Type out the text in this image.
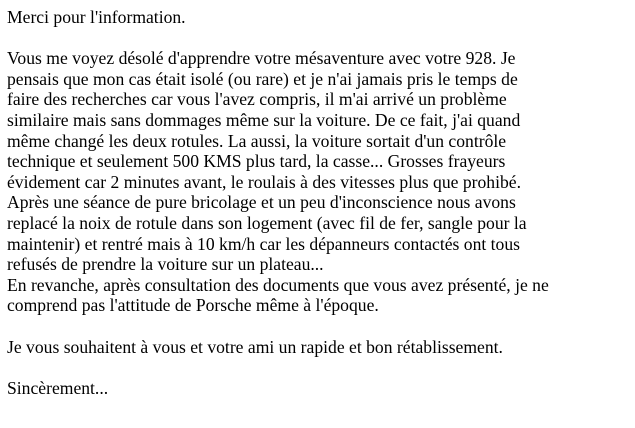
Merci pour l'information.
Vous me voyez désolé d'apprendre votre mésaventure avec votre 928. Je
pensais que mon cas était isolé (ou rare) et je n'ai jamais pris le temps de
faire des recherches car vous l'avez compris, il m'ai arrivé un problème
similaire mais sans dommages même sur la voiture. De ce fait, j'ai quand
même changé les deux rotules. La aussi, la voiture sortait d'un contrôle
technique et seulement 500 KMS plus tard, la casse... Grosses frayeurs
évidement car 2 minutes avant, le roulais à des vitesses plus que prohibé.
Après une séance de pure bricolage et un peu d'inconscience nous avons
replacé la noix de rotule dans son logement (avec fil de fer, sangle pour la
maintenir) et rentré mais à 10 km/h car les dépanneurs contactés ont tous
refusés de prendre la voiture sur un plateau...
En revanche, après consultation des documents que vous avez présenté, je ne
comprend pas l'attitude de Porsche même à l'époque.
Je vous souhaitent à vous et votre ami un rapide et bon rétablissement.
Sincèrement...
